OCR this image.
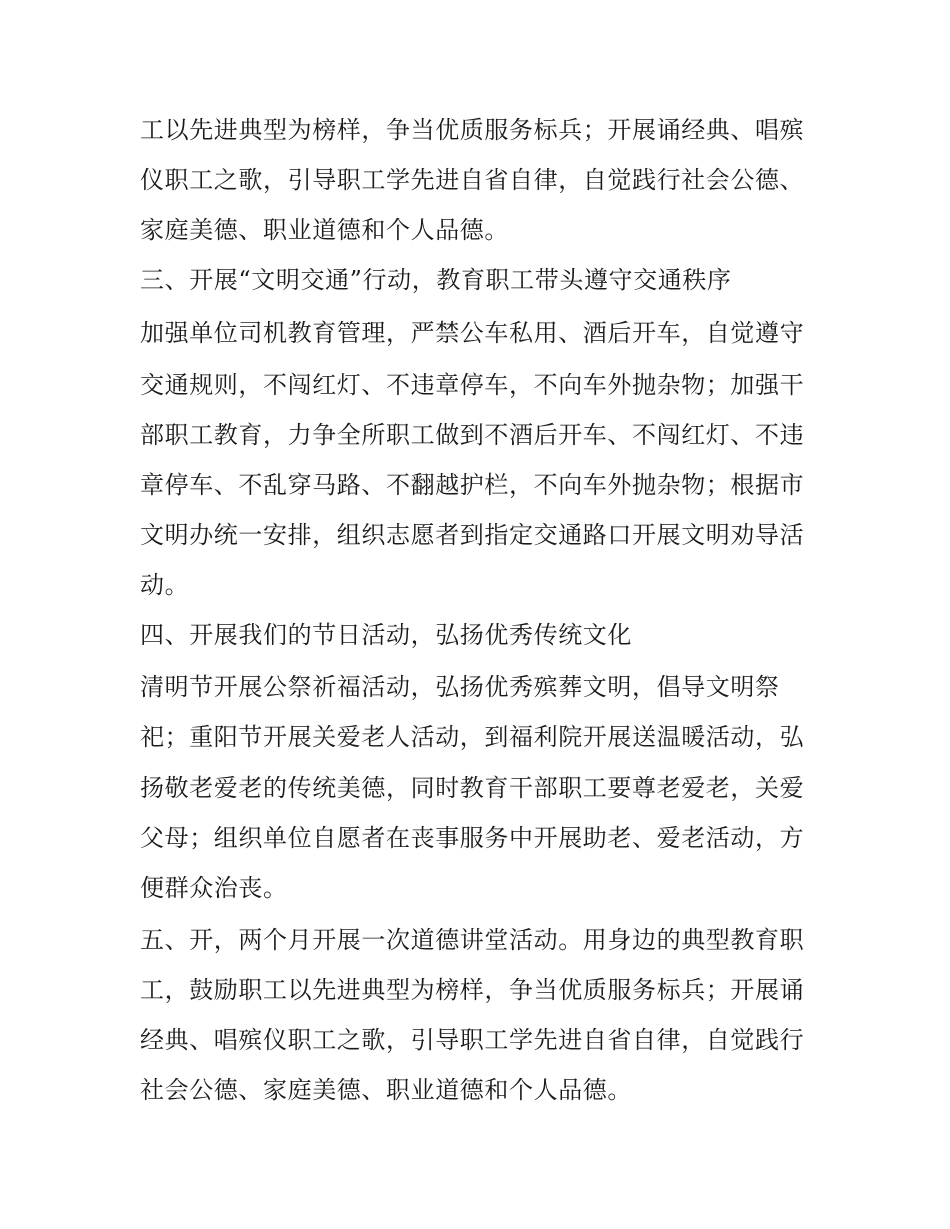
工以先进典型为榜样，争当优质服务标兵；开展诵经典、唱殡
仪职工之歌，引导职工学先进自省自律，自觉践行社会公德、
家庭美德、职业道德和个人品德。
三、开展“文明交通”行动，教育职工带头遵守交通秩序
加强单位司机教育管理，严禁公车私用、酒后开车，自觉遵守
交通规则，不闯红灯、不违章停车，不向车外抛杂物；加强干
部职工教育，力争全所职工做到不酒后开车、不闯红灯、不违
章停车、不乱穿马路、不翻越护栏，不向车外抛杂物；根据市
文明办统一安排，组织志愿者到指定交通路口开展文明劝导活
动。
四、开展我们的节日活动，弘扬优秀传统文化
清明节开展公祭祈福活动，弘扬优秀殡葬文明，倡导文明祭
祀；重阳节开展关爱老人活动，到福利院开展送温暖活动，弘
扬敬老爱老的传统美德，同时教育干部职工要尊老爱老，关爱
父母；组织单位自愿者在丧事服务中开展助老、爱老活动，方
便群众治丧。
五、开，两个月开展一次道德讲堂活动。用身边的典型教育职
工，鼓励职工以先进典型为榜样，争当优质服务标兵；开展诵
经典、唱殡仪职工之歌，引导职工学先进自省自律，自觉践行
社会公德、家庭美德、职业道德和个人品德。
